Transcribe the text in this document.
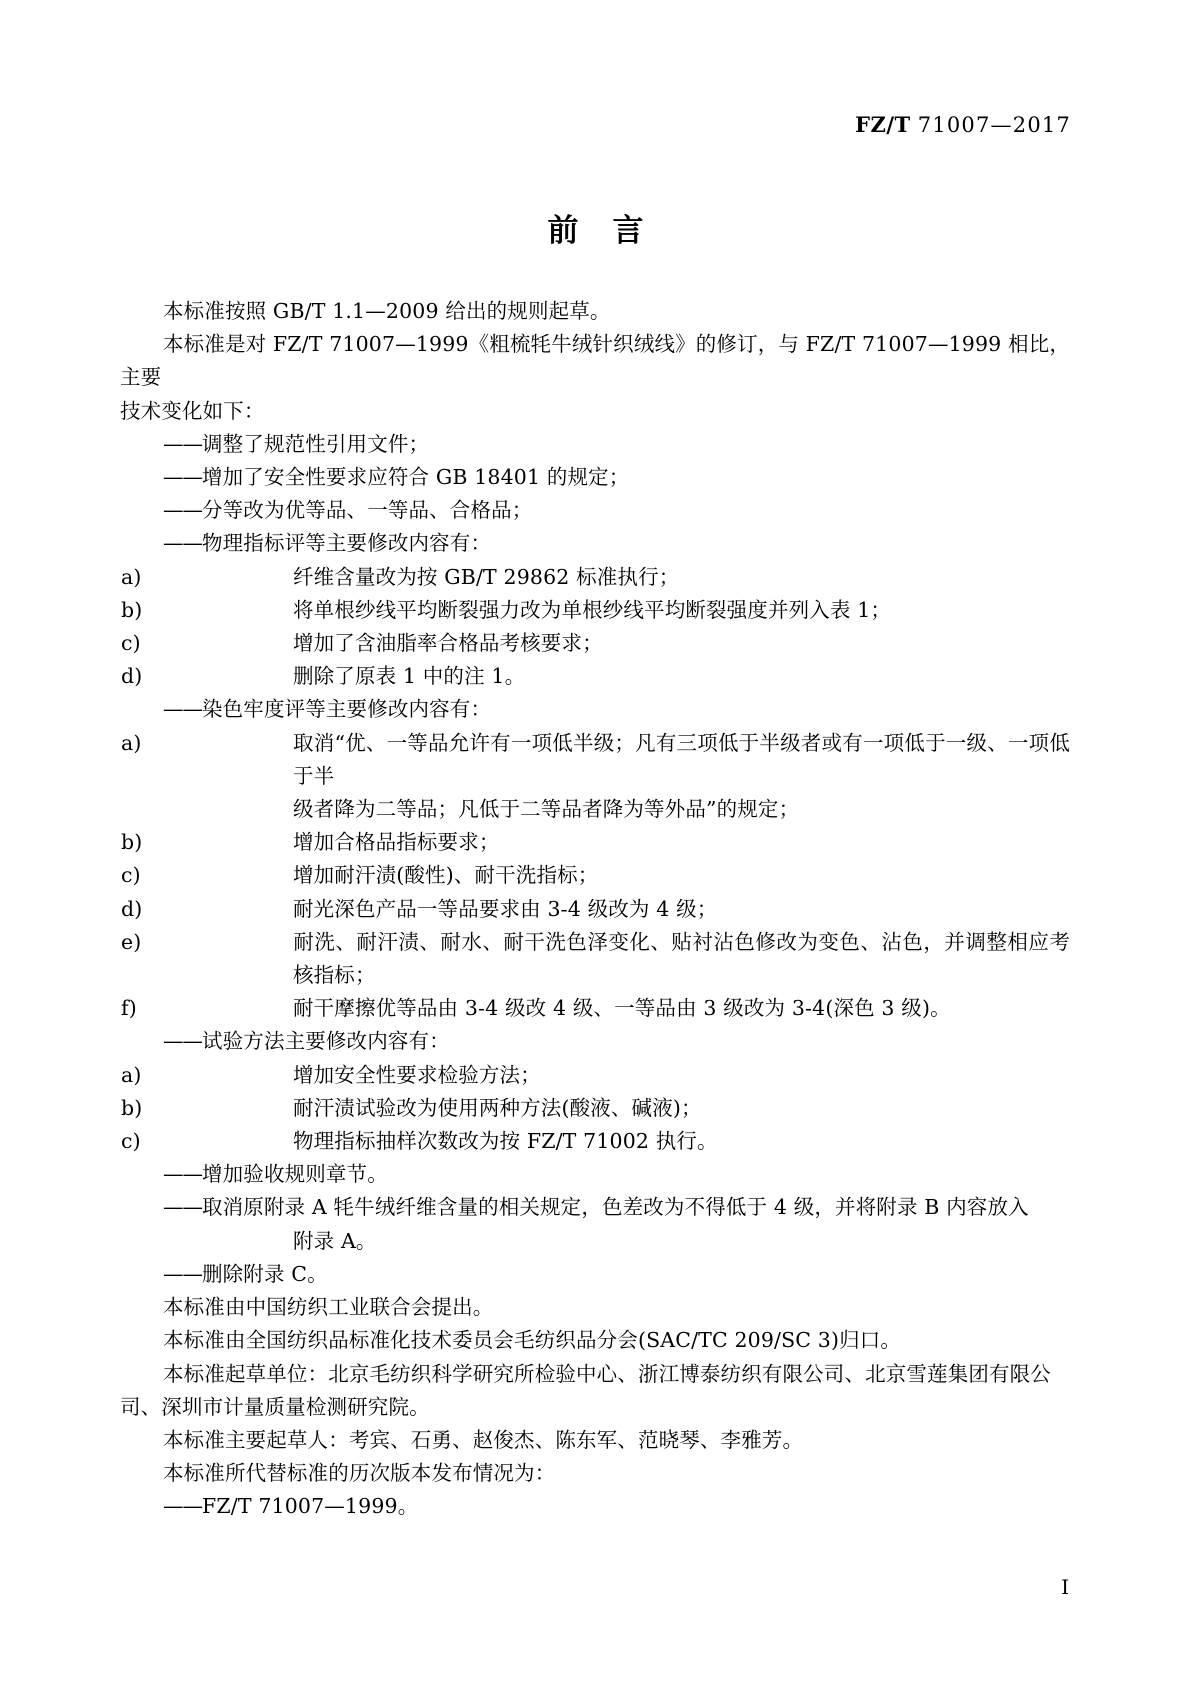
FZ/T 71007—2017
前言

本标准按照 GB/T 1.1—2009 给出的规则起草。

本标准是对 FZ/T 71007—1999《粗梳牦牛绒针织绒线》的修订，与 FZ/T 71007—1999 相比，主要

技术变化如下：

——调整了规范性引用文件；

——增加了安全性要求应符合 GB 18401 的规定；

——分等改为优等品、一等品、合格品；

——物理指标评等主要修改内容有：

a)	纤维含量改为按 GB/T 29862 标准执行；

b)	将单根纱线平均断裂强力改为单根纱线平均断裂强度并列入表 1；

c)	增加了含油脂率合格品考核要求；

d)	删除了原表 1 中的注 1。

——染色牢度评等主要修改内容有：

a)	取消“优、一等品允许有一项低半级；凡有三项低于半级者或有一项低于一级、一项低于半

级者降为二等品；凡低于二等品者降为等外品”的规定；

b)	增加合格品指标要求；

c)	增加耐汗渍(酸性)、耐干洗指标；

d)	耐光深色产品一等品要求由 3-4 级改为 4 级；

e)	耐洗、耐汗渍、耐水、耐干洗色泽变化、贴衬沾色修改为变色、沾色，并调整相应考核指标；

f)	耐干摩擦优等品由 3-4 级改 4 级、一等品由 3 级改为 3-4(深色 3 级)。

——试验方法主要修改内容有：

a)	增加安全性要求检验方法；

b)	耐汗渍试验改为使用两种方法(酸液、碱液)；

c)	物理指标抽样次数改为按 FZ/T 71002 执行。

——增加验收规则章节。

——取消原附录 A 牦牛绒纤维含量的相关规定，色差改为不得低于 4 级，并将附录 B 内容放入

附录 A。

——删除附录 C。

本标准由中国纺织工业联合会提出。

本标准由全国纺织品标准化技术委员会毛纺织品分会(SAC/TC 209/SC 3)归口。

本标准起草单位：北京毛纺织科学研究所检验中心、浙江博泰纺织有限公司、北京雪莲集团有限公

司、深圳市计量质量检测研究院。

本标准主要起草人：考宾、石勇、赵俊杰、陈东军、范晓琴、李雅芳。

本标准所代替标准的历次版本发布情况为：

——FZ/T 71007—1999。

I
